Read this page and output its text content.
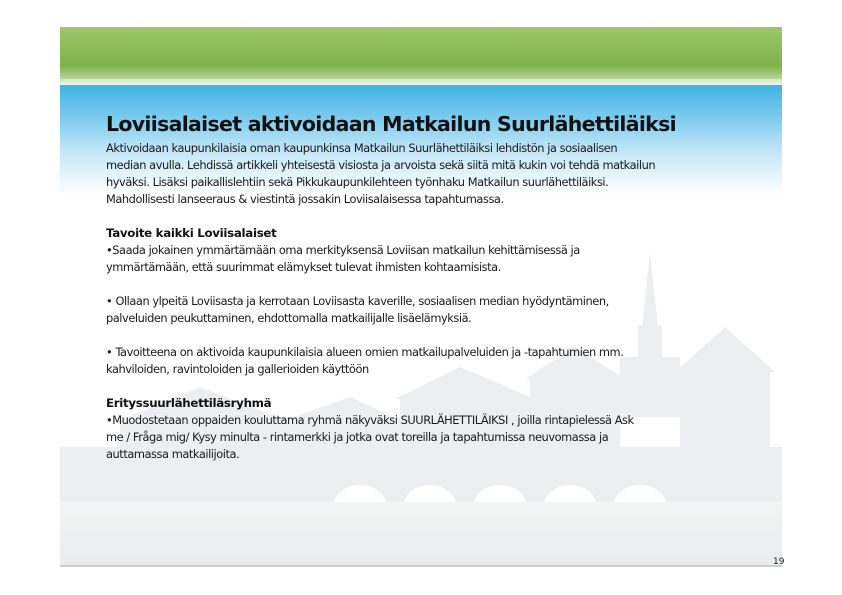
19
Loviisalaiset aktivoidaan Matkailun Suurlähettiläiksi

Aktivoidaan kaupunkilaisia oman kaupunkinsa Matkailun Suurlähettiläiksi lehdistön ja sosiaalisen

median avulla. Lehdissä artikkeli yhteisestä visiosta ja arvoista sekä siitä mitä kukin voi tehdä matkailun

hyväksi. Lisäksi paikallislehtiin sekä Pikkukaupunkilehteen työnhaku Matkailun suurlähettiläiksi.

Mahdollisesti lanseeraus & viestintä jossakin Loviisalaisessa tapahtumassa.

Tavoite kaikki Loviisalaiset

•Saada jokainen ymmärtämään oma merkityksensä Loviisan matkailun kehittämisessä ja

ymmärtämään, että suurimmat elämykset tulevat ihmisten kohtaamisista.

• Ollaan ylpeitä Loviisasta ja kerrotaan Loviisasta kaverille, sosiaalisen median hyödyntäminen,

palveluiden peukuttaminen, ehdottomalla matkailijalle lisäelämyksiä.

• Tavoitteena on aktivoida kaupunkilaisia alueen omien matkailupalveluiden ja -tapahtumien mm.

kahviloiden, ravintoloiden ja gallerioiden käyttöön

Erityssuurlähettiläsryhmä

•Muodostetaan oppaiden kouluttama ryhmä näkyväksi SUURLÄHETTILÄIKSI , joilla rintapielessä Ask

me / Fråga mig/ Kysy minulta - rintamerkki ja jotka ovat toreilla ja tapahtumissa neuvomassa ja

auttamassa matkailijoita.
